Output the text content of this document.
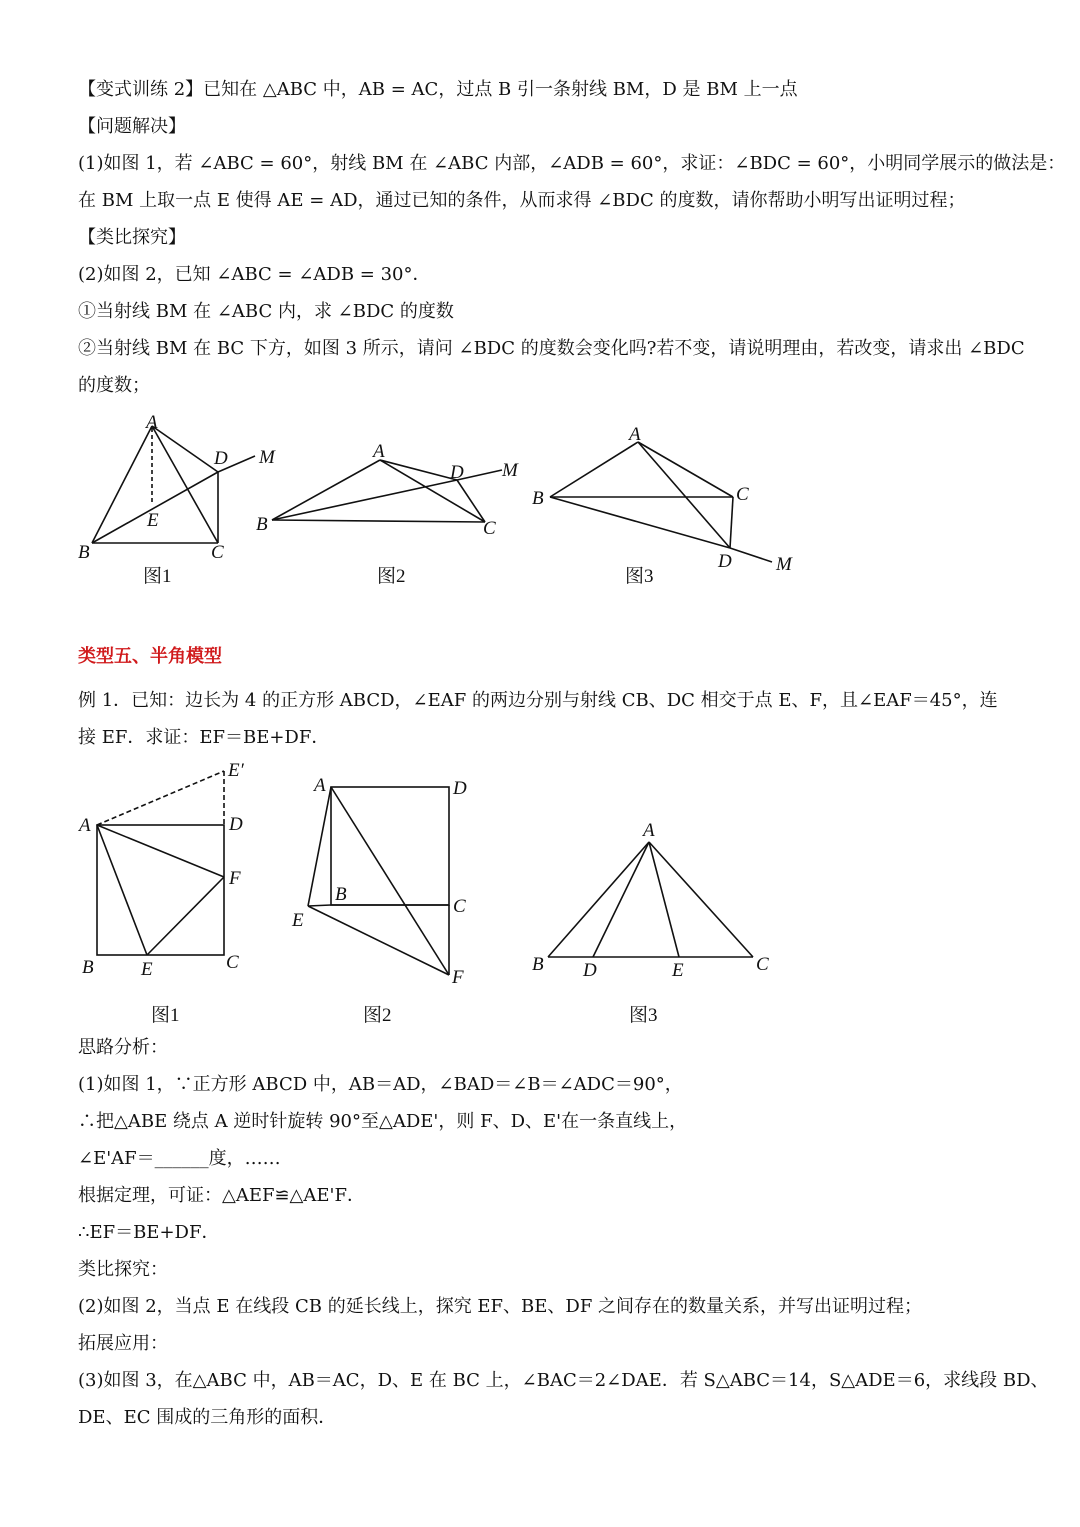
【变式训练 2】已知在 △ABC 中，AB = AC，过点 B 引一条射线 BM，D 是 BM 上一点
【问题解决】
(1)如图 1，若 ∠ABC = 60°，射线 BM 在 ∠ABC 内部，∠ADB = 60°，求证：∠BDC = 60°，小明同学展示的做法是：
在 BM 上取一点 E 使得 AE = AD，通过已知的条件，从而求得 ∠BDC 的度数，请你帮助小明写出证明过程；
【类比探究】
(2)如图 2，已知 ∠ABC = ∠ADB = 30°．
①当射线 BM 在 ∠ABC 内，求 ∠BDC 的度数
②当射线 BM 在 BC 下方，如图 3 所示，请问 ∠BDC 的度数会变化吗?若不变，请说明理由，若改变，请求出 ∠BDC
的度数；
A
B	C
D
E
M
图1
A
B	C
D M
图2
A
B	C
D M
图3
类型五、半角模型
例 1．已知：边长为 4 的正方形 ABCD，∠EAF 的两边分别与射线 CB、DC 相交于点 E、F，且∠EAF＝45°，连
接 EF．求证：EF＝BE+DF．
A
B	C
D
E
F
E′
图1
A
B
C
D
E
F
图2
A
B	C
D	E
图3
思路分析：
(1)如图 1，∵正方形 ABCD 中，AB＝AD，∠BAD＝∠B＝∠ADC＝90°，
∴把△ABE 绕点 A 逆时针旋转 90°至△ADE'，则 F、D、E'在一条直线上，
∠E'AF＝______度，……
根据定理，可证：△AEF≌△AE'F．
∴EF＝BE+DF．
类比探究：
(2)如图 2，当点 E 在线段 CB 的延长线上，探究 EF、BE、DF 之间存在的数量关系，并写出证明过程；
拓展应用：
(3)如图 3，在△ABC 中，AB＝AC，D、E 在 BC 上，∠BAC＝2∠DAE．若 S△ABC＝14，S△ADE＝6，求线段 BD、
DE、EC 围成的三角形的面积．
